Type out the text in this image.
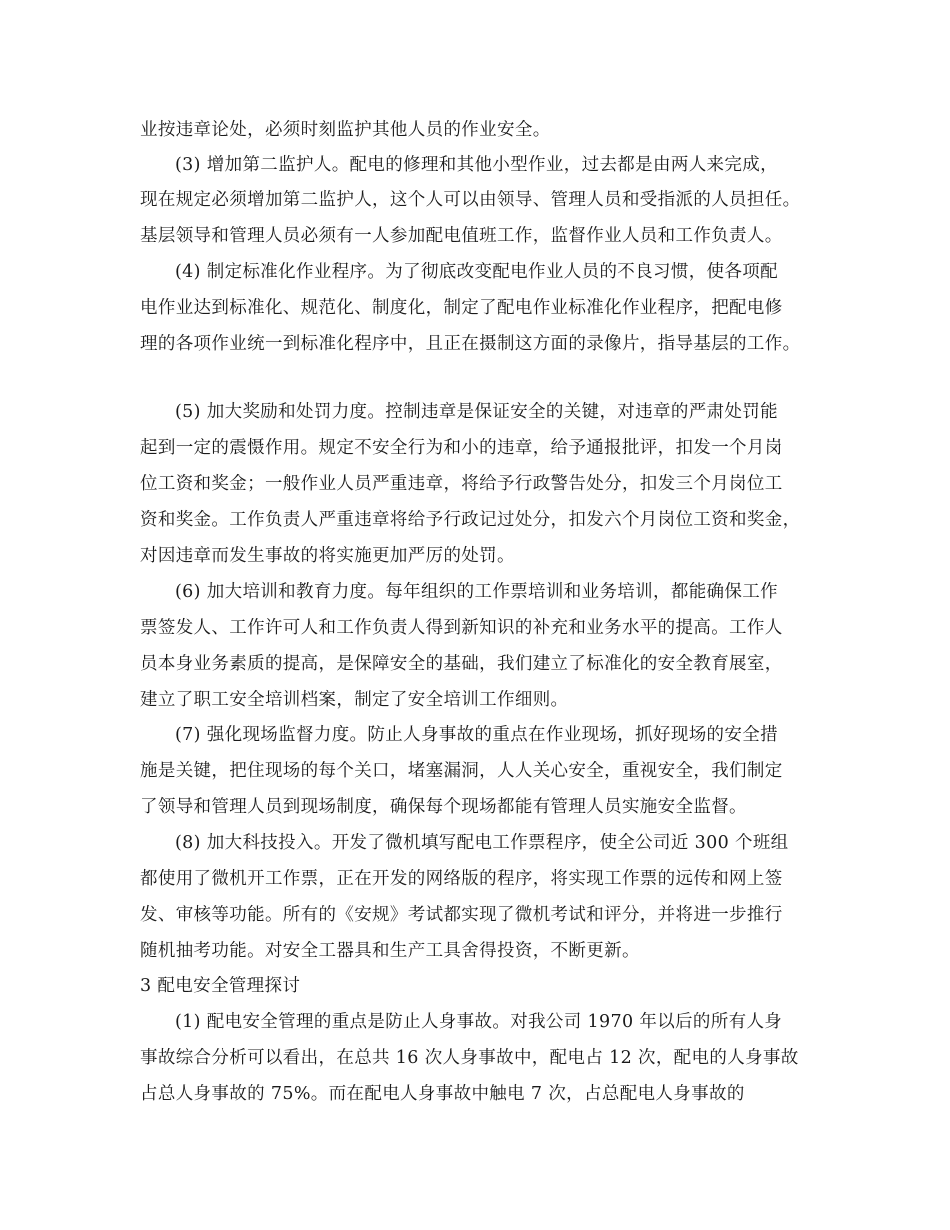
业按违章论处，必须时刻监护其他人员的作业安全。
(3) 增加第二监护人。配电的修理和其他小型作业，过去都是由两人来完成，
现在规定必须增加第二监护人，这个人可以由领导、管理人员和受指派的人员担任。
基层领导和管理人员必须有一人参加配电值班工作，监督作业人员和工作负责人。
(4) 制定标准化作业程序。为了彻底改变配电作业人员的不良习惯，使各项配
电作业达到标准化、规范化、制度化，制定了配电作业标准化作业程序，把配电修
理的各项作业统一到标准化程序中，且正在摄制这方面的录像片，指导基层的工作。
(5) 加大奖励和处罚力度。控制违章是保证安全的关键，对违章的严肃处罚能
起到一定的震慑作用。规定不安全行为和小的违章，给予通报批评，扣发一个月岗
位工资和奖金；一般作业人员严重违章，将给予行政警告处分，扣发三个月岗位工
资和奖金。工作负责人严重违章将给予行政记过处分，扣发六个月岗位工资和奖金，
对因违章而发生事故的将实施更加严厉的处罚。
(6) 加大培训和教育力度。每年组织的工作票培训和业务培训，都能确保工作
票签发人、工作许可人和工作负责人得到新知识的补充和业务水平的提高。工作人
员本身业务素质的提高，是保障安全的基础，我们建立了标准化的安全教育展室，
建立了职工安全培训档案，制定了安全培训工作细则。
(7) 强化现场监督力度。防止人身事故的重点在作业现场，抓好现场的安全措
施是关键，把住现场的每个关口，堵塞漏洞，人人关心安全，重视安全，我们制定
了领导和管理人员到现场制度，确保每个现场都能有管理人员实施安全监督。
(8) 加大科技投入。开发了微机填写配电工作票程序，使全公司近 300 个班组
都使用了微机开工作票，正在开发的网络版的程序，将实现工作票的远传和网上签
发、审核等功能。所有的《安规》考试都实现了微机考试和评分，并将进一步推行
随机抽考功能。对安全工器具和生产工具舍得投资，不断更新。
3 配电安全管理探讨
(1) 配电安全管理的重点是防止人身事故。对我公司 1970 年以后的所有人身
事故综合分析可以看出，在总共 16 次人身事故中，配电占 12 次，配电的人身事故
占总人身事故的 75%。而在配电人身事故中触电 7 次，占总配电人身事故的
